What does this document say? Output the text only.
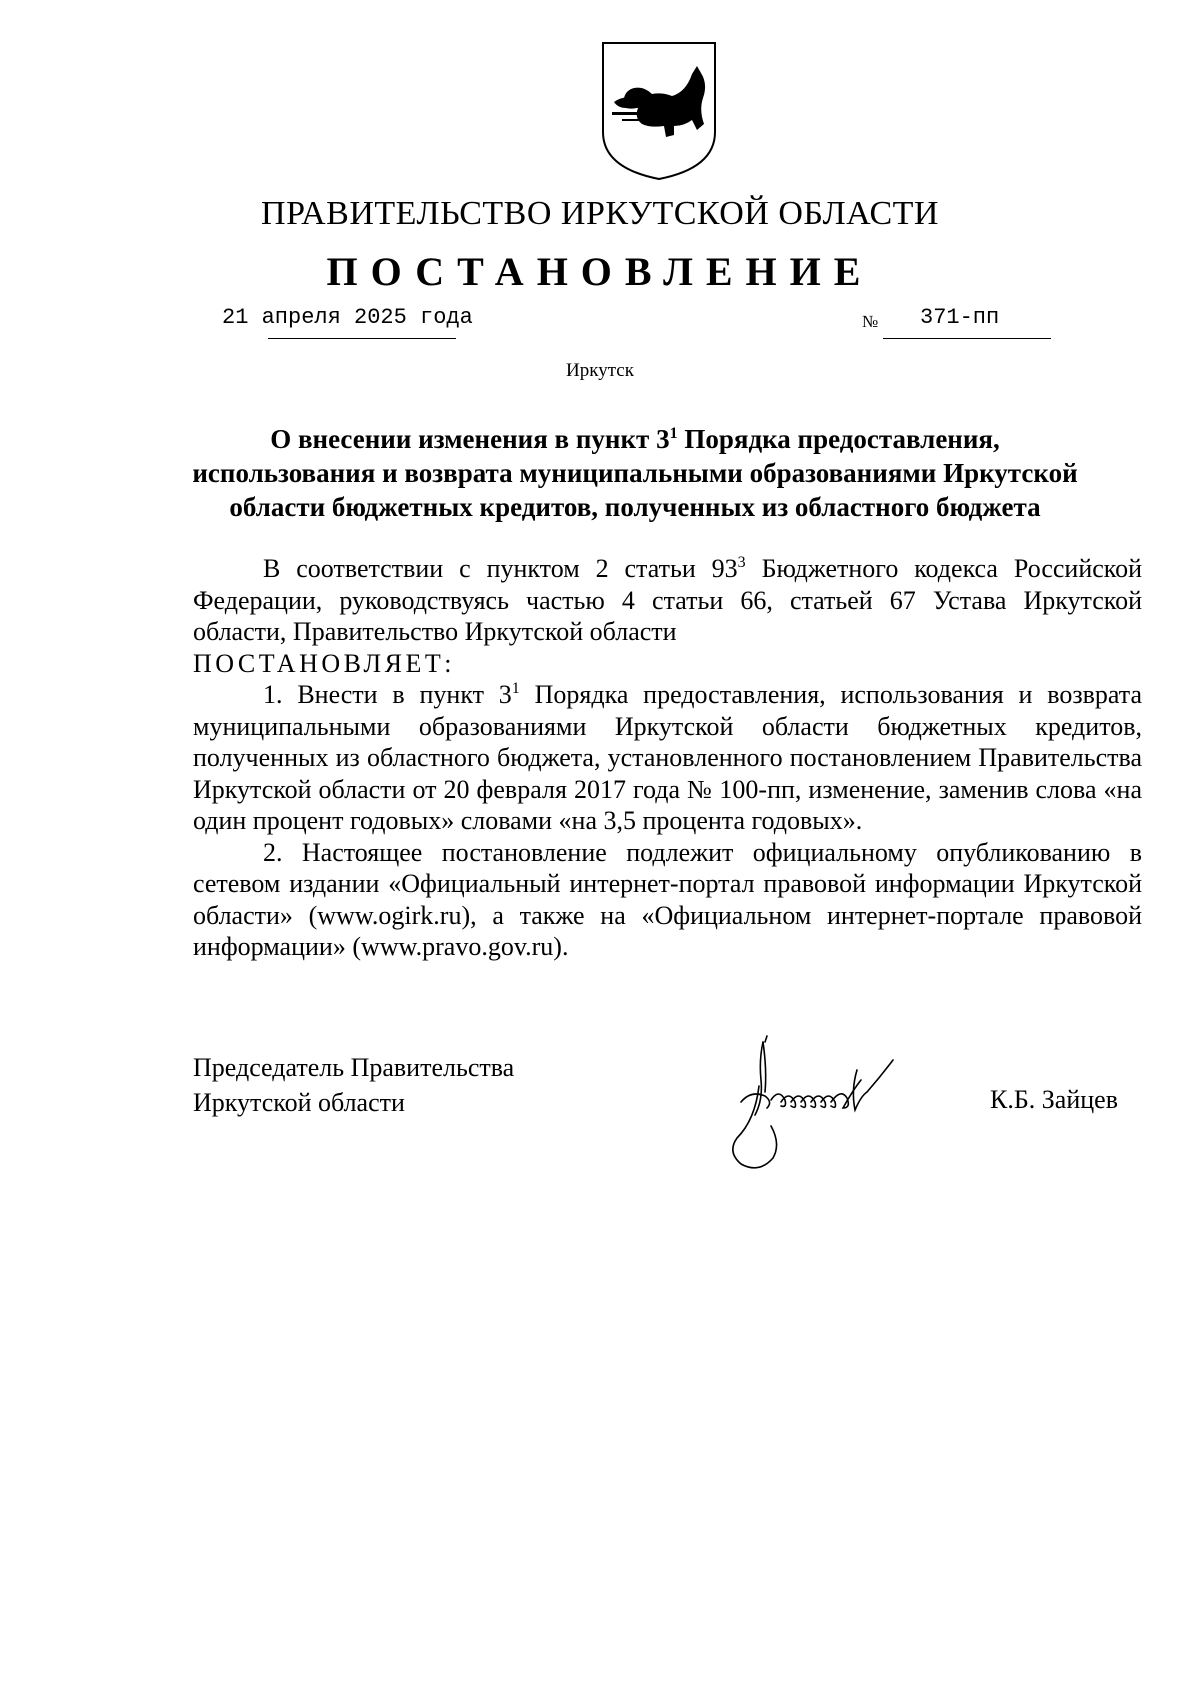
ПРАВИТЕЛЬСТВО ИРКУТСКОЙ ОБЛАСТИ
ПОСТАНОВЛЕНИЕ
21 апреля 2025 года	№ 371-пп
Иркутск
О внесении изменения в пункт $3^1$ Порядка предоставления, использования и возврата муниципальными образованиями Иркутской области бюджетных кредитов, полученных из областного бюджета

В соответствии с пунктом 2 статьи $93^3$ Бюджетного кодекса Российской Федерации, руководствуясь частью 4 статьи 66, статьей 67 Устава Иркутской области, Правительство Иркутской области

ПОСТАНОВЛЯЕТ:

1. Внести в пункт $3^1$ Порядка предоставления, использования и возврата муниципальными образованиями Иркутской области бюджетных кредитов, полученных из областного бюджета, установленного постановлением Правительства Иркутской области от 20 февраля 2017 года № 100-пп, изменение, заменив слова «на один процент годовых» словами «на 3,5 процента годовых».

2. Настоящее постановление подлежит официальному опубликованию в сетевом издании «Официальный интернет-портал правовой информации Иркутской области» (www.ogirk.ru), а также на «Официальном интернет-портале правовой информации» (www.pravo.gov.ru).

Председатель Правительства
Иркутской области	К.Б. Зайцев
